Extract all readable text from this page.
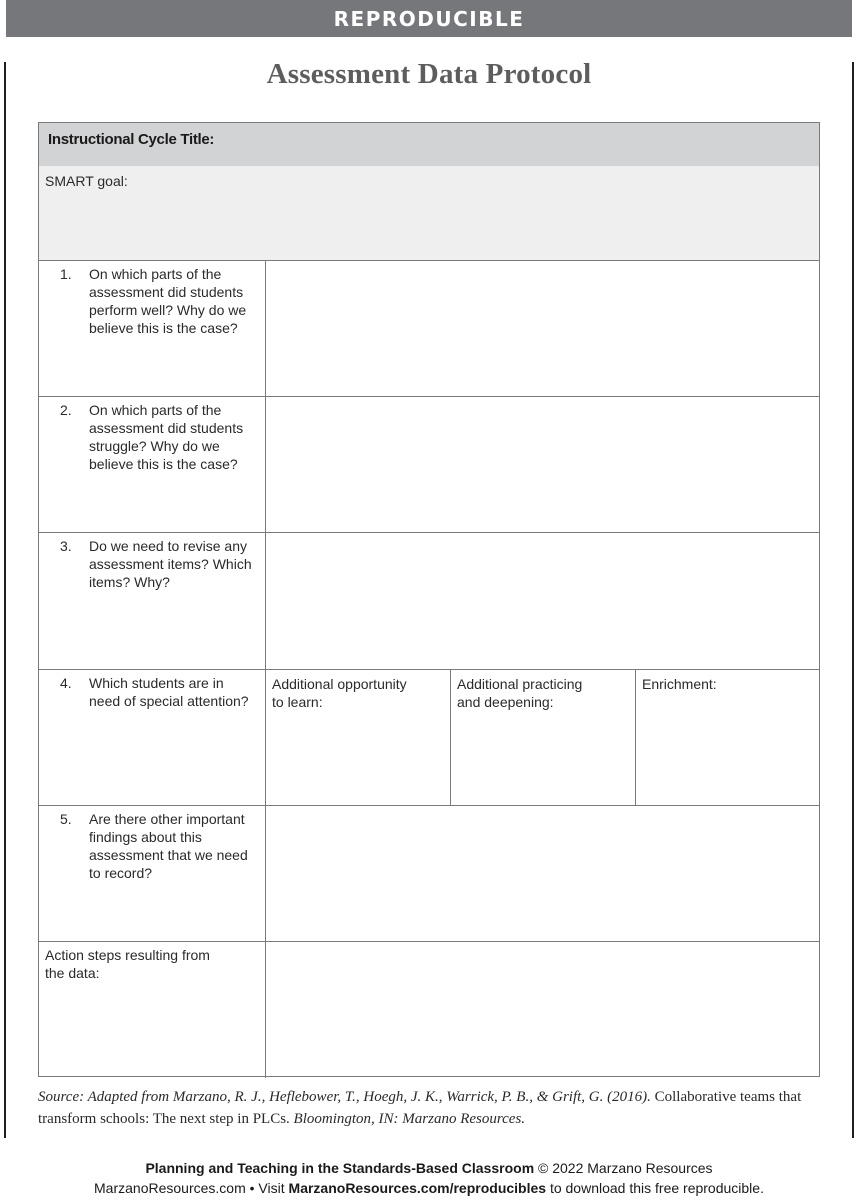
REPRODUCIBLE
Assessment Data Protocol
Instructional Cycle Title:
SMART goal:
1. On which parts of the
assessment did students
perform well? Why do we
believe this is the case?
2. On which parts of the
assessment did students
struggle? Why do we
believe this is the case?
3. Do we need to revise any
assessment items? Which
items? Why?
4. Which students are in
need of special attention?
Additional opportunity
to learn:
Additional practicing
and deepening:
Enrichment:
5. Are there other important
findings about this
assessment that we need
to record?
Action steps resulting from
the data:
Source: Adapted from Marzano, R. J., Heflebower, T., Hoegh, J. K., Warrick, P. B., & Grift, G. (2016). Collaborative teams that transform schools: The next step in PLCs. Bloomington, IN: Marzano Resources.
Planning and Teaching in the Standards-Based Classroom © 2022 Marzano Resources
MarzanoResources.com • Visit MarzanoResources.com/reproducibles to download this free reproducible.
